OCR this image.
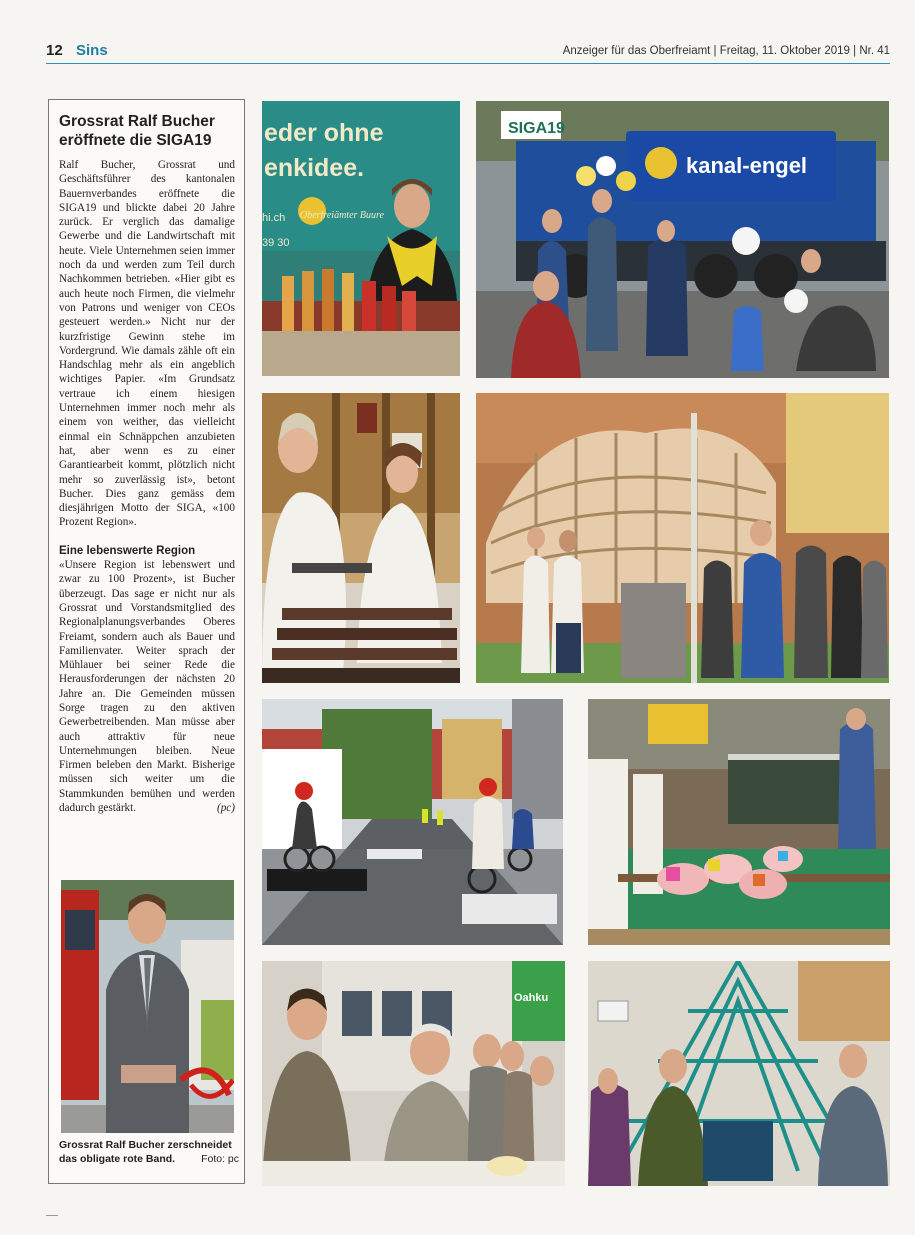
12 Sins	Anzeiger für das Oberfreiamt | Freitag, 11. Oktober 2019 | Nr. 41
Grossrat Ralf Bucher eröffnete die SIGA19

Ralf Bucher, Grossrat und Geschäftsführer des kantonalen Bauernverbandes eröffnete die SIGA19 und blickte dabei 20 Jahre zurück. Er verglich das damalige Gewerbe und die Landwirtschaft mit heute. Viele Unternehmen seien immer noch da und werden zum Teil durch Nachkommen betrieben. «Hier gibt es auch heute noch Firmen, die vielmehr von Patrons und weniger von CEOs gesteuert werden.» Nicht nur der kurzfristige Gewinn stehe im Vordergrund. Wie damals zähle oft ein Handschlag mehr als ein angeblich wichtiges Papier. «Im Grundsatz vertraue ich einem hiesigen Unternehmen immer noch mehr als einem von weither, das vielleicht einmal ein Schnäppchen anzubieten hat, aber wenn es zu einer Garantiearbeit kommt, plötzlich nicht mehr so zuverlässig ist», betont Bucher. Dies ganz gemäss dem diesjährigen Motto der SIGA, «100 Prozent Region».

Eine lebenswerte Region

«Unsere Region ist lebenswert und zwar zu 100 Prozent», ist Bucher überzeugt. Das sage er nicht nur als Grossrat und Vorstandsmitglied des Regionalplanungsverbandes Oberes Freiamt, sondern auch als Bauer und Familienvater. Weiter sprach der Mühlauer bei seiner Rede die Herausforderungen der nächsten 20 Jahre an. Die Gemeinden müssen Sorge tragen zu den aktiven Gewerbetreibenden. Man müsse aber auch attraktiv für neue Unternehmungen bleiben. Neue Firmen beleben den Markt. Bisherige müssen sich weiter um die Stammkunden bemühen und werden dadurch gestärkt.	(pc)

Grossrat Ralf Bucher zerschneidet das obligate rote Band. Foto: pc
eder ohne
enkidee.
Oberfreiämter Buure
hi.ch
39 30
kanal-engel
SIGA19
Oahku
